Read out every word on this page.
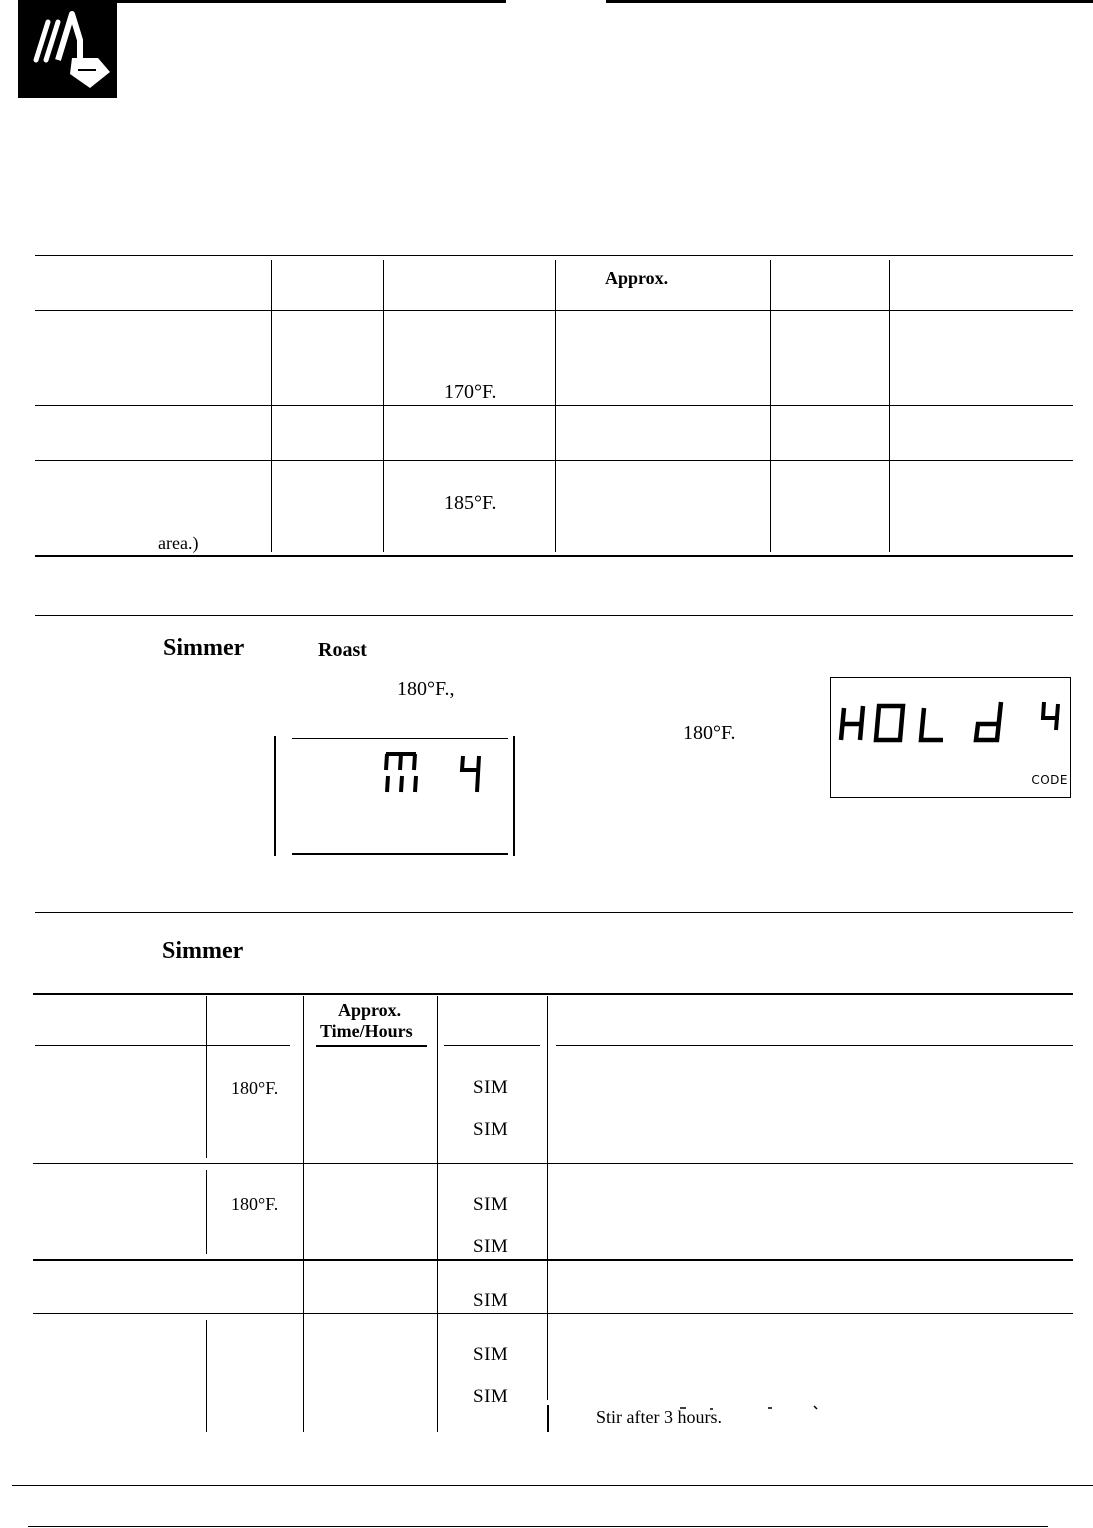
Approx.
170°F.
185°F.
area.)
Simmer	Roast
180°F.,
180°F.
CODE
Simmer
Approx.
Time/Hours
180°F.
180°F.
SIM
SIM
SIM
SIM
SIM
SIM
SIM
Stir after 3 hours.
